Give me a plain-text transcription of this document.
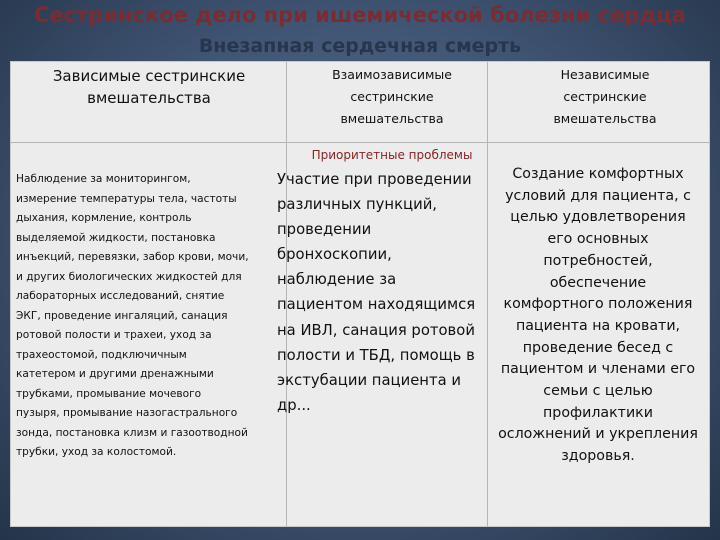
Сестринское дело при ишемической болезни сердца
Внезапная сердечная смерть
Зависимые сестринские
вмешательства
Взаимозависимые
сестринские
вмешательства
Независимые
сестринские
вмешательства
Приоритетные проблемы
Наблюдение за мониторингом,
измерение температуры тела, частоты
дыхания, кормление, контроль
выделяемой жидкости, постановка
инъекций, перевязки, забор крови, мочи,
и других биологических жидкостей для
лабораторных исследований, снятие
ЭКГ, проведение ингаляций, санация
ротовой полости и трахеи, уход за
трахеостомой, подключичным
катетером и другими дренажными
трубками, промывание мочевого
пузыря, промывание назогастрального
зонда, постановка клизм и газоотводной
трубки, уход за колостомой.
Участие при проведении
различных пункций,
проведении
бронхоскопии,
наблюдение за
пациентом находящимся
на ИВЛ, санация ротовой
полости и ТБД, помощь в
экстубации пациента и
др...
Создание комфортных
условий для пациента, с
целью удовлетворения
его основных
потребностей,
обеспечение
комфортного положения
пациента на кровати,
проведение бесед с
пациентом и членами его
семьи с целью
профилактики
осложнений и укрепления
здоровья.
